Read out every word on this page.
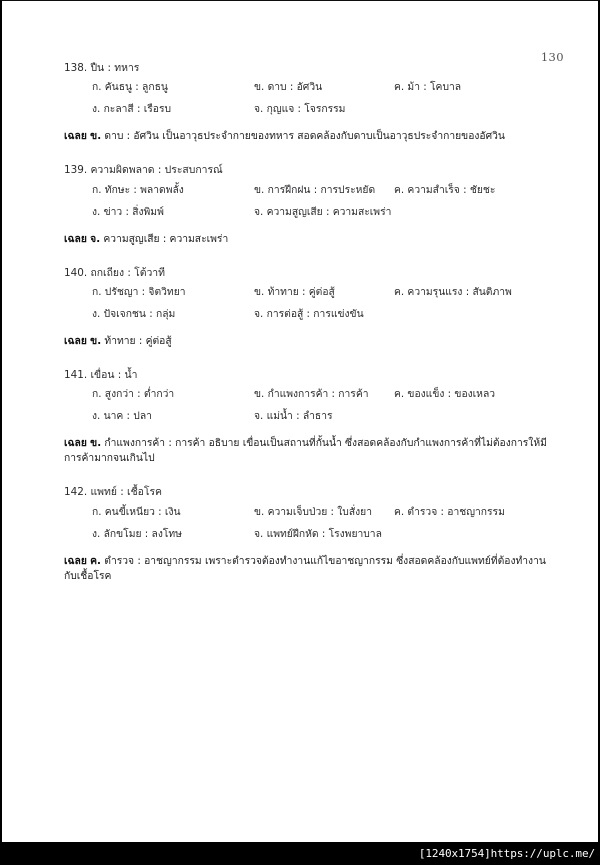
130
138. ปืน : ทหาร
ก. คันธนู : ลูกธนู	ข. ดาบ : อัศวิน	ค. ม้า : โคบาล
ง. กะลาสี : เรือรบ	จ. กุญแจ : โจรกรรม
เฉลย ข. ดาบ : อัศวิน เป็นอาวุธประจำกายของทหาร สอดคล้องกับดาบเป็นอาวุธประจำกายของอัศวิน
139. ความผิดพลาด : ประสบการณ์
ก. ทักษะ : พลาดพลั้ง	ข. การฝึกฝน : การประหยัด ค. ความสำเร็จ : ชัยชะ
ง. ข่าว : สิ่งพิมพ์	จ. ความสูญเสีย : ความสะเพร่า
เฉลย จ. ความสูญเสีย : ความสะเพร่า
140. ถกเถียง : โต้วาที
ก. ปรัชญา : จิตวิทยา	ข. ท้าทาย : คู่ต่อสู้	ค. ความรุนแรง : สันติภาพ
ง. ปัจเจกชน : กลุ่ม	จ. การต่อสู้ : การแข่งขัน
เฉลย ข. ท้าทาย : คู่ต่อสู้
141. เขื่อน : น้ำ
ก. สูงกว่า : ต่ำกว่า	ข. กำแพงการค้า : การค้า ค. ของแข็ง : ของเหลว
ง. นาค : ปลา	จ. แม่น้ำ : ลำธาร
เฉลย ข. กำแพงการค้า : การค้า อธิบาย เขื่อนเป็นสถานที่กั้นน้ำ ซึ่งสอดคล้องกับกำแพงการค้าที่ไม่ต้องการให้มีการค้ามากจนเกินไป
142. แพทย์ : เชื้อโรค
ก. คนขี้เหนียว : เงิน	ข. ความเจ็บป่วย : ใบสั่งยา ค. ตำรวจ : อาชญากรรม
ง. ลักขโมย : ลงโทษ	จ. แพทย์ฝึกหัด : โรงพยาบาล
เฉลย ค. ตำรวจ : อาชญากรรม เพราะตำรวจต้องทำงานแก้ไขอาชญากรรม ซึ่งสอดคล้องกับแพทย์ที่ต้องทำงานกับเชื้อโรค
[1240x1754]https://uplc.me/
